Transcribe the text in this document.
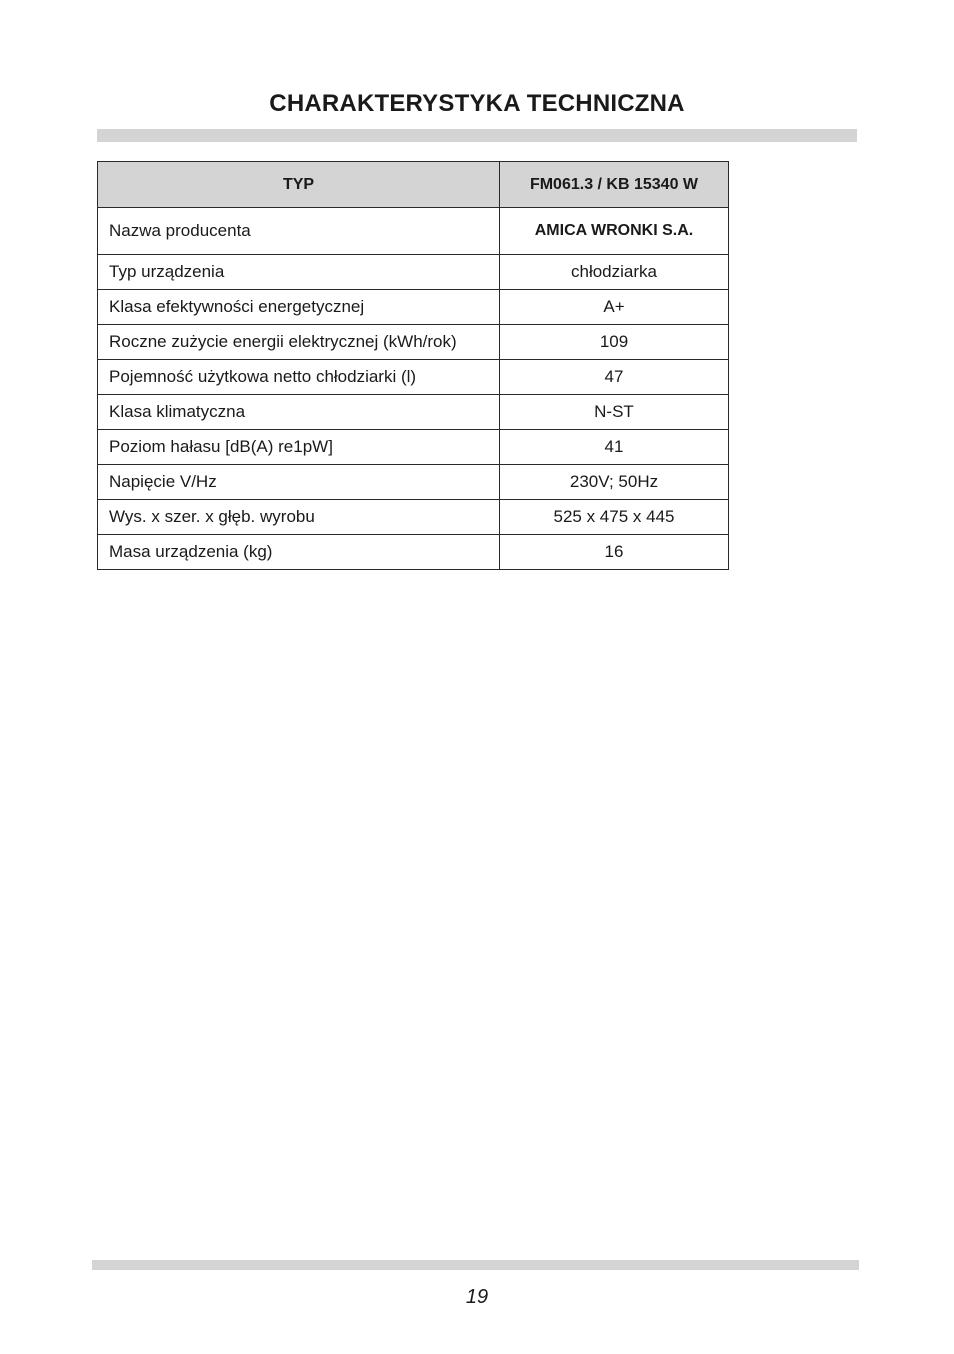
CHARAKTERYSTYKA TECHNICZNA
TYP	FM061.3 / KB 15340 W
Nazwa producenta	AMICA WRONKI S.A.
Typ urządzenia	chłodziarka
Klasa efektywności energetycznej	A+
Roczne zużycie energii elektrycznej (kWh/rok)	109
Pojemność użytkowa netto chłodziarki (l)	47
Klasa klimatyczna	N-ST
Poziom hałasu [dB(A) re1pW]	41
Napięcie V/Hz	230V; 50Hz
Wys. x szer. x głęb. wyrobu	525 x 475 x 445
Masa urządzenia (kg)	16
19
